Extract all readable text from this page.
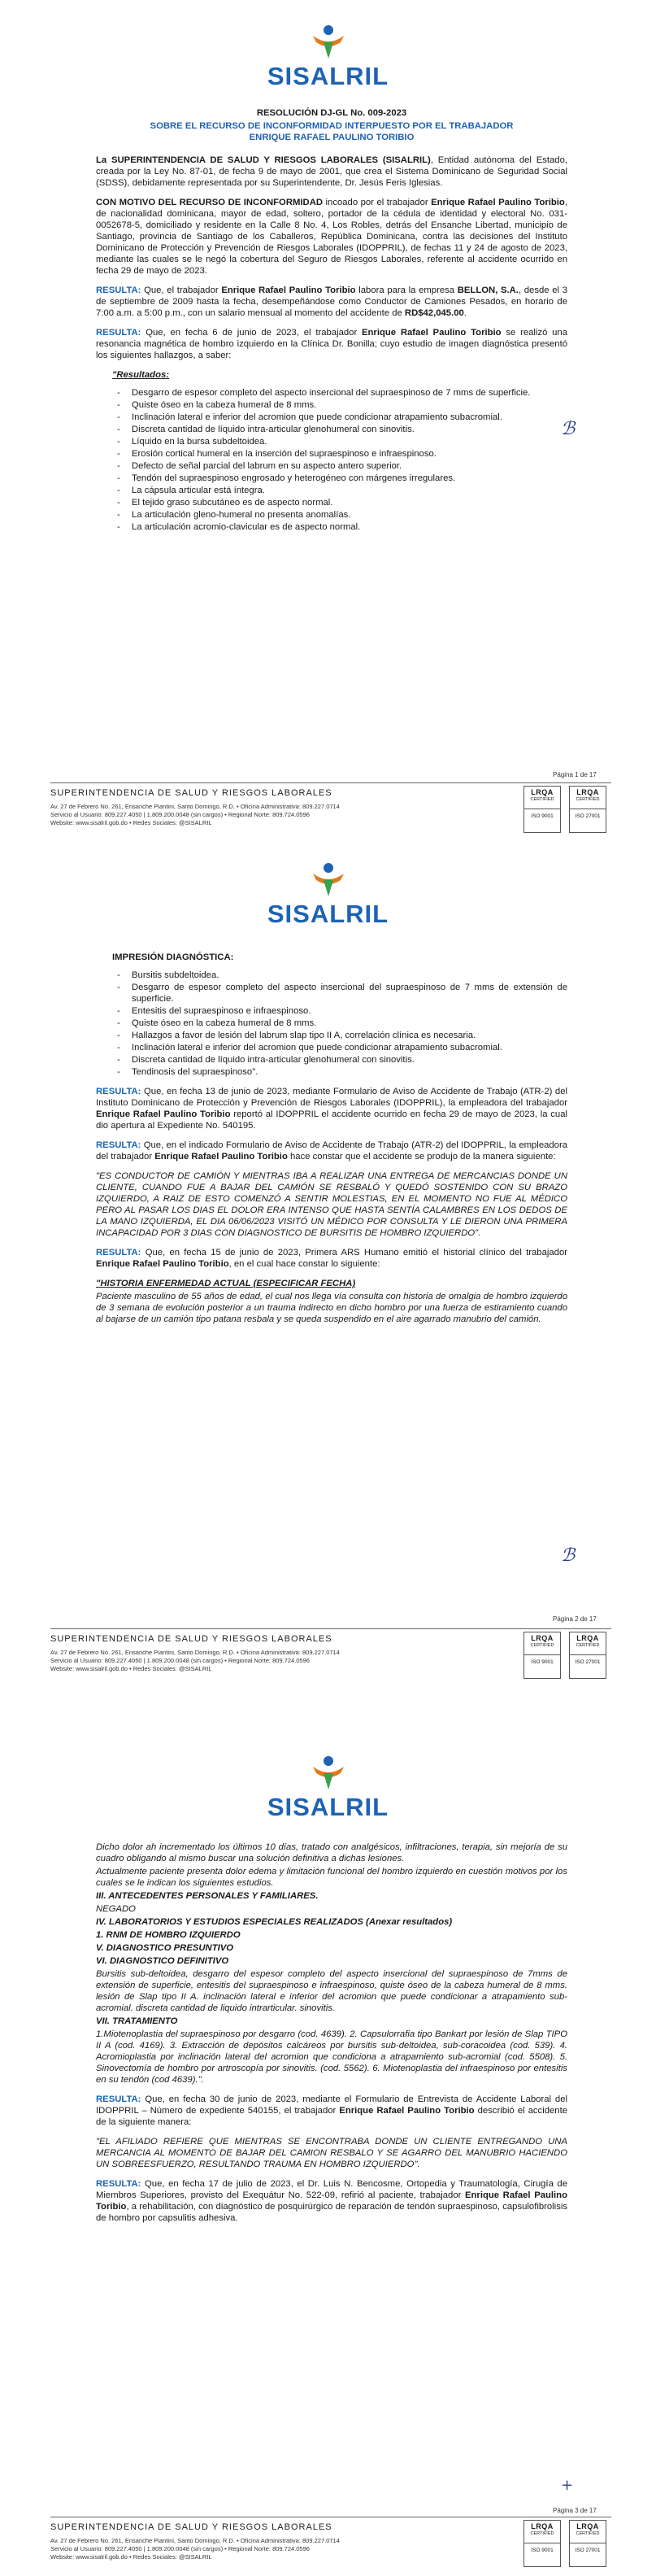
SISALRIL

RESOLUCIÓN DJ-GL No. 009-2023

SOBRE EL RECURSO DE INCONFORMIDAD INTERPUESTO POR EL TRABAJADOR

ENRIQUE RAFAEL PAULINO TORIBIO

La SUPERINTENDENCIA DE SALUD Y RIESGOS LABORALES (SISALRIL), Entidad autónoma del Estado, creada por la Ley No. 87-01, de fecha 9 de mayo de 2001, que crea el Sistema Dominicano de Seguridad Social (SDSS), debidamente representada por su Superintendente, Dr. Jesús Feris Iglesias.

CON MOTIVO DEL RECURSO DE INCONFORMIDAD incoado por el trabajador Enrique Rafael Paulino Toribio, de nacionalidad dominicana, mayor de edad, soltero, portador de la cédula de identidad y electoral No. 031-0052678-5, domiciliado y residente en la Calle 8 No. 4, Los Robles, detrás del Ensanche Libertad, municipio de Santiago, provincia de Santiago de los Caballeros, República Dominicana, contra las decisiones del Instituto Dominicano de Protección y Prevención de Riesgos Laborales (IDOPPRIL), de fechas 11 y 24 de agosto de 2023, mediante las cuales se le negó la cobertura del Seguro de Riesgos Laborales, referente al accidente ocurrido en fecha 29 de mayo de 2023.

RESULTA: Que, el trabajador Enrique Rafael Paulino Toribio labora para la empresa BELLON, S.A., desde el 3 de septiembre de 2009 hasta la fecha, desempeñándose como Conductor de Camiones Pesados, en horario de 7:00 a.m. a 5:00 p.m., con un salario mensual al momento del accidente de RD$42,045.00.

RESULTA: Que, en fecha 6 de junio de 2023, el trabajador Enrique Rafael Paulino Toribio se realizó una resonancia magnética de hombro izquierdo en la Clínica Dr. Bonilla; cuyo estudio de imagen diagnóstica presentó los siguientes hallazgos, a saber:

"Resultados:

- Desgarro de espesor completo del aspecto insercional del supraespinoso de 7 mms de superficie.
- Quiste óseo en la cabeza humeral de 8 mms.
- Inclinación lateral e inferior del acromion que puede condicionar atrapamiento subacromial.
- Discreta cantidad de líquido intra-articular glenohumeral con sinovitis.
- Líquido en la bursa subdeltoidea.
- Erosión cortical humeral en la inserción del supraespinoso e infraespinoso.
- Defecto de señal parcial del labrum en su aspecto antero superior.
- Tendón del supraespinoso engrosado y heterogéneo con márgenes irregulares.
- La cápsula articular está íntegra.
- El tejido graso subcutáneo es de aspecto normal.
- La articulación gleno-humeral no presenta anomalías.
- La articulación acromio-clavicular es de aspecto normal.
ℬ
Página 1 de 17
SUPERINTENDENCIA DE SALUD Y RIESGOS LABORALES
Av. 27 de Febrero No. 261, Ensanche Piantini, Santo Domingo, R.D. • Oficina Administrativa: 809.227.0714
Servicio al Usuario: 809.227.4050 | 1.809.200.0048 (sin cargos) • Regional Norte: 809.724.0596
Website: www.sisalril.gob.do • Redes Sociales: @SISALRIL
LRQA
CERTIFIED
ISO 9001
LRQA
CERTIFIED
ISO 27001
SISALRIL

IMPRESIÓN DIAGNÓSTICA:

- Bursitis subdeltoidea.
- Desgarro de espesor completo del aspecto insercional del supraespinoso de 7 mms de extensión de superficie.
- Entesitis del supraespinoso e infraespinoso.
- Quiste óseo en la cabeza humeral de 8 mms.
- Hallazgos a favor de lesión del labrum slap tipo II A, correlación clínica es necesaria.
- Inclinación lateral e inferior del acromion que puede condicionar atrapamiento subacromial.
- Discreta cantidad de líquido intra-articular glenohumeral con sinovitis.
- Tendinosis del supraespinoso".

RESULTA: Que, en fecha 13 de junio de 2023, mediante Formulario de Aviso de Accidente de Trabajo (ATR-2) del Instituto Dominicano de Protección y Prevención de Riesgos Laborales (IDOPPRIL), la empleadora del trabajador Enrique Rafael Paulino Toribio reportó al IDOPPRIL el accidente ocurrido en fecha 29 de mayo de 2023, la cual dio apertura al Expediente No. 540195.

RESULTA: Que, en el indicado Formulario de Aviso de Accidente de Trabajo (ATR-2) del IDOPPRIL, la empleadora del trabajador Enrique Rafael Paulino Toribio hace constar que el accidente se produjo de la manera siguiente:

"ES CONDUCTOR DE CAMIÓN Y MIENTRAS IBA A REALIZAR UNA ENTREGA DE MERCANCIAS DONDE UN CLIENTE, CUANDO FUE A BAJAR DEL CAMIÓN SE RESBALÓ Y QUEDÓ SOSTENIDO CON SU BRAZO IZQUIERDO, A RAIZ DE ESTO COMENZÓ A SENTIR MOLESTIAS, EN EL MOMENTO NO FUE AL MÉDICO PERO AL PASAR LOS DIAS EL DOLOR ERA INTENSO QUE HASTA SENTÍA CALAMBRES EN LOS DEDOS DE LA MANO IZQUIERDA, EL DIA 06/06/2023 VISITÓ UN MÉDICO POR CONSULTA Y LE DIERON UNA PRIMERA INCAPACIDAD POR 3 DIAS CON DIAGNOSTICO DE BURSITIS DE HOMBRO IZQUIERDO".

RESULTA: Que, en fecha 15 de junio de 2023, Primera ARS Humano emitió el historial clínico del trabajador Enrique Rafael Paulino Toribio, en el cual hace constar lo siguiente:

"HISTORIA ENFERMEDAD ACTUAL (ESPECIFICAR FECHA)

Paciente masculino de 55 años de edad, el cual nos llega vía consulta con historia de omalgia de hombro izquierdo de 3 semana de evolución posterior a un trauma indirecto en dicho hombro por una fuerza de estiramiento cuando al bajarse de un camión tipo patana resbala y se queda suspendido en el aire agarrado manubrio del camión.

ℬ
Página 2 de 17
SUPERINTENDENCIA DE SALUD Y RIESGOS LABORALES
Av. 27 de Febrero No. 261, Ensanche Piantini, Santo Domingo, R.D. • Oficina Administrativa: 809.227.0714
Servicio al Usuario: 809.227.4050 | 1.809.200.0048 (sin cargos) • Regional Norte: 809.724.0596
Website: www.sisalril.gob.do • Redes Sociales: @SISALRIL
LRQA
CERTIFIED
ISO 9001
LRQA
CERTIFIED
ISO 27001
SISALRIL

Dicho dolor ah incrementado los últimos 10 días, tratado con analgésicos, infiltraciones, terapia, sin mejoría de su cuadro obligando al mismo buscar una solución definitiva a dichas lesiones.

Actualmente paciente presenta dolor edema y limitación funcional del hombro izquierdo en cuestión motivos por los cuales se le indican los siguientes estudios.

III. ANTECEDENTES PERSONALES Y FAMILIARES.

NEGADO

IV. LABORATORIOS Y ESTUDIOS ESPECIALES REALIZADOS (Anexar resultados)

1. RNM DE HOMBRO IZQUIERDO

V. DIAGNOSTICO PRESUNTIVO

VI. DIAGNOSTICO DEFINITIVO

Bursitis sub-deltoidea, desgarro del espesor completo del aspecto insercional del supraespinoso de 7mms de extensión de superficie, entesitis del supraespinoso e infraespinoso, quiste óseo de la cabeza humeral de 8 mms. lesión de Slap tipo II A. inclinación lateral e inferior del acromion que puede condicionar a atrapamiento sub-acromial. discreta cantidad de liquido intrarticular. sinovitis.

VII. TRATAMIENTO

1.Miotenoplastia del supraespinoso por desgarro (cod. 4639). 2. Capsulorrafia tipo Bankart por lesión de Slap TIPO II A (cod. 4169). 3. Extracción de depósitos calcáreos por bursitis sub-deltoidea, sub-coracoidea (cod. 539). 4. Acromioplastia por inclinación lateral del acromion que condiciona a atrapamiento sub-acromial (cod. 5508). 5. Sinovectomía de hombro por artroscopía por sinovitis. (cod. 5562). 6. Miotenoplastia del infraespinoso por entesitis en su tendón (cod 4639).".

RESULTA: Que, en fecha 30 de junio de 2023, mediante el Formulario de Entrevista de Accidente Laboral del IDOPPRIL – Número de expediente 540155, el trabajador Enrique Rafael Paulino Toribio describió el accidente de la siguiente manera:

"EL AFILIADO REFIERE QUE MIENTRAS SE ENCONTRABA DONDE UN CLIENTE ENTREGANDO UNA MERCANCIA AL MOMENTO DE BAJAR DEL CAMION RESBALO Y SE AGARRO DEL MANUBRIO HACIENDO UN SOBREESFUERZO, RESULTANDO TRAUMA EN HOMBRO IZQUIERDO".

RESULTA: Que, en fecha 17 de julio de 2023, el Dr. Luis N. Bencosme, Ortopedia y Traumatología, Cirugía de Miembros Superiores, provisto del Exequátur No. 522-09, refirió al paciente, trabajador Enrique Rafael Paulino Toribio, a rehabilitación, con diagnóstico de posquirúrgico de reparación de tendón supraespinoso, capsulofibrolisis de hombro por capsulitis adhesiva.

+
Página 3 de 17
SUPERINTENDENCIA DE SALUD Y RIESGOS LABORALES
Av. 27 de Febrero No. 261, Ensanche Piantini, Santo Domingo, R.D. • Oficina Administrativa: 809.227.0714
Servicio al Usuario: 809.227.4050 | 1.809.200.0048 (sin cargos) • Regional Norte: 809.724.0596
Website: www.sisalril.gob.do • Redes Sociales: @SISALRIL
LRQA
CERTIFIED
ISO 9001
LRQA
CERTIFIED
ISO 27001
